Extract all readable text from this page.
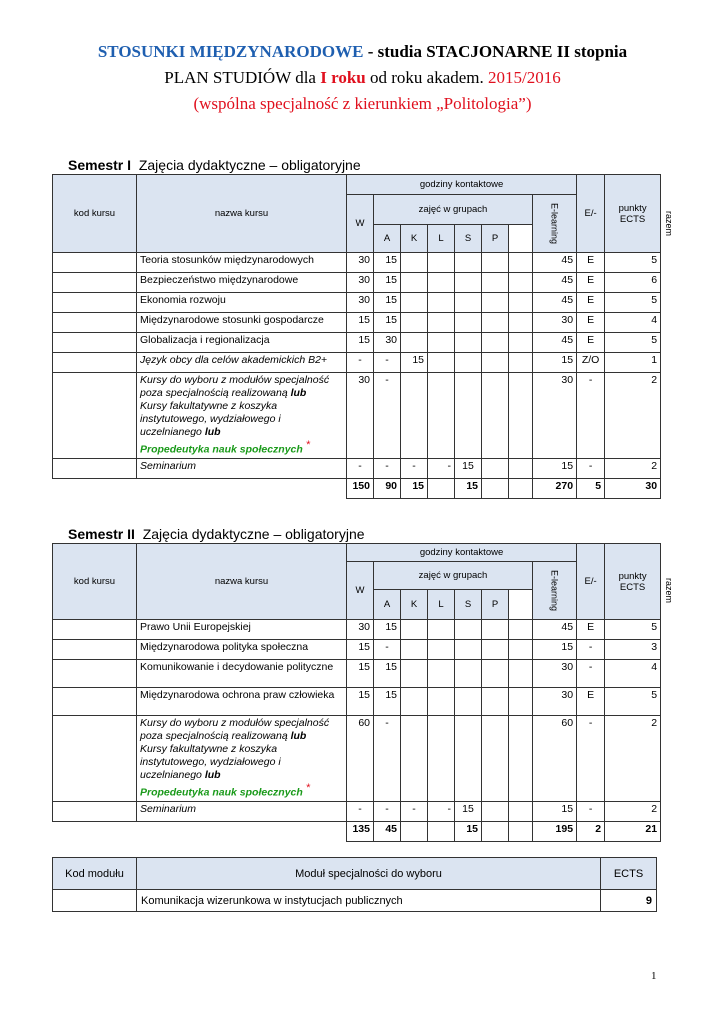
STOSUNKI MIĘDZYNARODOWE - studia STACJONARNE II stopnia
PLAN STUDIÓW dla I roku od roku akadem. 2015/2016
(wspólna specjalność z kierunkiem „Politologia”)
Semestr I Zajęcia dydaktyczne – obligatoryjne
kod kursu	nazwa kursu	godziny kontaktowe								E/-	punkty ECTS	
		W	zajęć w grupach						E-learning			razem

			A	K	L	S	P					
	Teoria stosunków międzynarodowych	30	15						45	E	5	
	Bezpieczeństwo międzynarodowe	30	15						45	E	6	
	Ekonomia rozwoju	30	15						45	E	5	
	Międzynarodowe stosunki gospodarcze	15	15						30	E	4	
	Globalizacja i regionalizacja	15	30						45	E	5	
	Język obcy dla celów akademickich B2+	-	-	15					15	Z/O	1	
	Kursy do wyboru z modułów specjalność poza specjalnością realizowaną lub
Kursy fakultatywne z koszyka instytutowego, wydziałowego i uczelnianego lub
Propedeutyka nauk społecznych *	30	-						30	-	2	
	Seminarium	-	-	-	-	15			15	-	2	
		150	90	15		15			270	5	30	
Semestr II Zajęcia dydaktyczne – obligatoryjne
kod kursu	nazwa kursu	godziny kontaktowe								E/-	punkty ECTS	
		W	zajęć w grupach						E-learning			razem

			A	K	L	S	P					
	Prawo Unii Europejskiej	30	15						45	E	5	
	Międzynarodowa polityka społeczna	15	-						15	-	3	
	Komunikowanie i decydowanie polityczne	15	15						30	-	4	
	Międzynarodowa ochrona praw człowieka	15	15						30	E	5	
	Kursy do wyboru z modułów specjalność poza specjalnością realizowaną lub
Kursy fakultatywne z koszyka instytutowego, wydziałowego i uczelnianego lub
Propedeutyka nauk społecznych *	60	-						60	-	2	
	Seminarium	-	-	-	-	15			15	-	2	
		135	45			15			195	2	21	
Kod modułu	Moduł specjalności do wyboru	ECTS
	Komunikacja wizerunkowa w instytucjach publicznych	9
1
